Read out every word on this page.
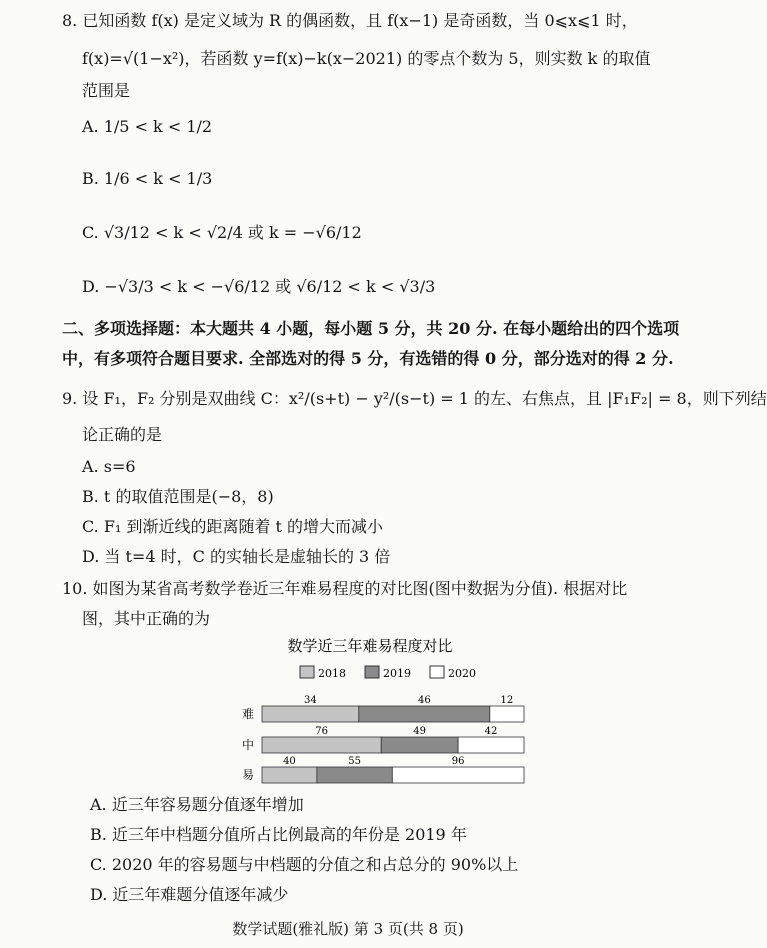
8. 已知函数 f(x) 是定义域为 R 的偶函数，且 f(x−1) 是奇函数，当 0⩽x⩽1 时，
f(x)=√(1−x²)，若函数 y=f(x)−k(x−2021) 的零点个数为 5，则实数 k 的取值
范围是
A. 1/5 < k < 1/2
B. 1/6 < k < 1/3
C. √3/12 < k < √2/4 或 k = −√6/12
D. −√3/3 < k < −√6/12 或 √6/12 < k < √3/3
二、多项选择题：本大题共 4 小题，每小题 5 分，共 20 分. 在每小题给出的四个选项
中，有多项符合题目要求. 全部选对的得 5 分，有选错的得 0 分，部分选对的得 2 分.
9. 设 F₁，F₂ 分别是双曲线 C：x²/(s+t) − y²/(s−t) = 1 的左、右焦点，且 |F₁F₂| = 8，则下列结
论正确的是
A. s=6
B. t 的取值范围是(−8，8)
C. F₁ 到渐近线的距离随着 t 的增大而减小
D. 当 t=4 时，C 的实轴长是虚轴长的 3 倍
10. 如图为某省高考数学卷近三年难易程度的对比图(图中数据为分值). 根据对比
图，其中正确的为
数学近三年难易程度对比
2018	2019	2020
难
34	46	12
中
76	49	42
易
40	55	96
A. 近三年容易题分值逐年增加
B. 近三年中档题分值所占比例最高的年份是 2019 年
C. 2020 年的容易题与中档题的分值之和占总分的 90%以上
D. 近三年难题分值逐年减少
数学试题(雅礼版) 第 3 页(共 8 页)
